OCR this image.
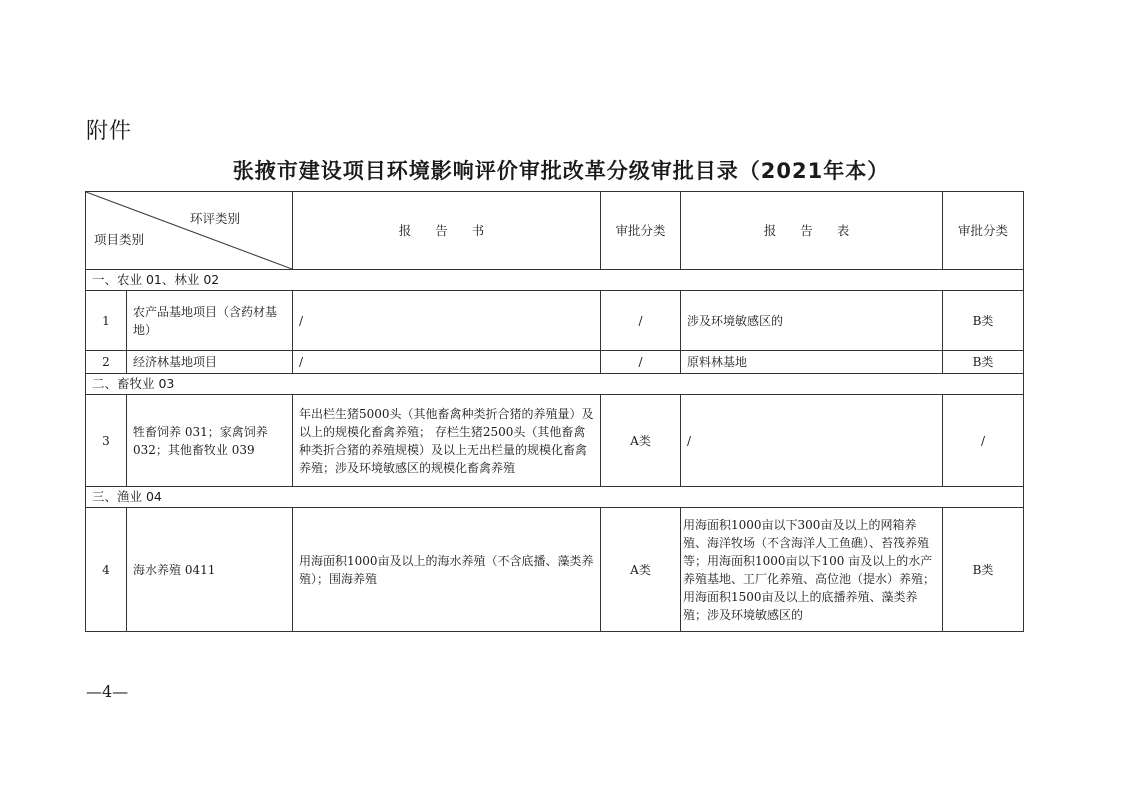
附件
张掖市建设项目环境影响评价审批改革分级审批目录（2021年本）
环评类别
项目类别		报 告 书	审批分类	报 告 表	审批分类
一、农业 01、林业 02					
1	农产品基地项目（含药材基地）	/	/	涉及环境敏感区的	B类
2	经济林基地项目	/	/	原料林基地	B类
二、畜牧业 03					
3	牲畜饲养 031；家禽饲养 032；其他畜牧业 039	年出栏生猪5000头（其他畜禽种类折合猪的养殖量）及以上的规模化畜禽养殖； 存栏生猪2500头（其他畜禽种类折合猪的养殖规模）及以上无出栏量的规模化畜禽养殖；涉及环境敏感区的规模化畜禽养殖	A类	/	/
三、渔业 04					
4	海水养殖 0411	用海面积1000亩及以上的海水养殖（不含底播、藻类养殖）；围海养殖	A类	用海面积1000亩以下300亩及以上的网箱养殖、海洋牧场（不含海洋人工鱼礁）、苔筏养殖等；用海面积1000亩以下100 亩及以上的水产养殖基地、工厂化养殖、高位池（提水）养殖；用海面积1500亩及以上的底播养殖、藻类养殖；涉及环境敏感区的	B类
—4—
